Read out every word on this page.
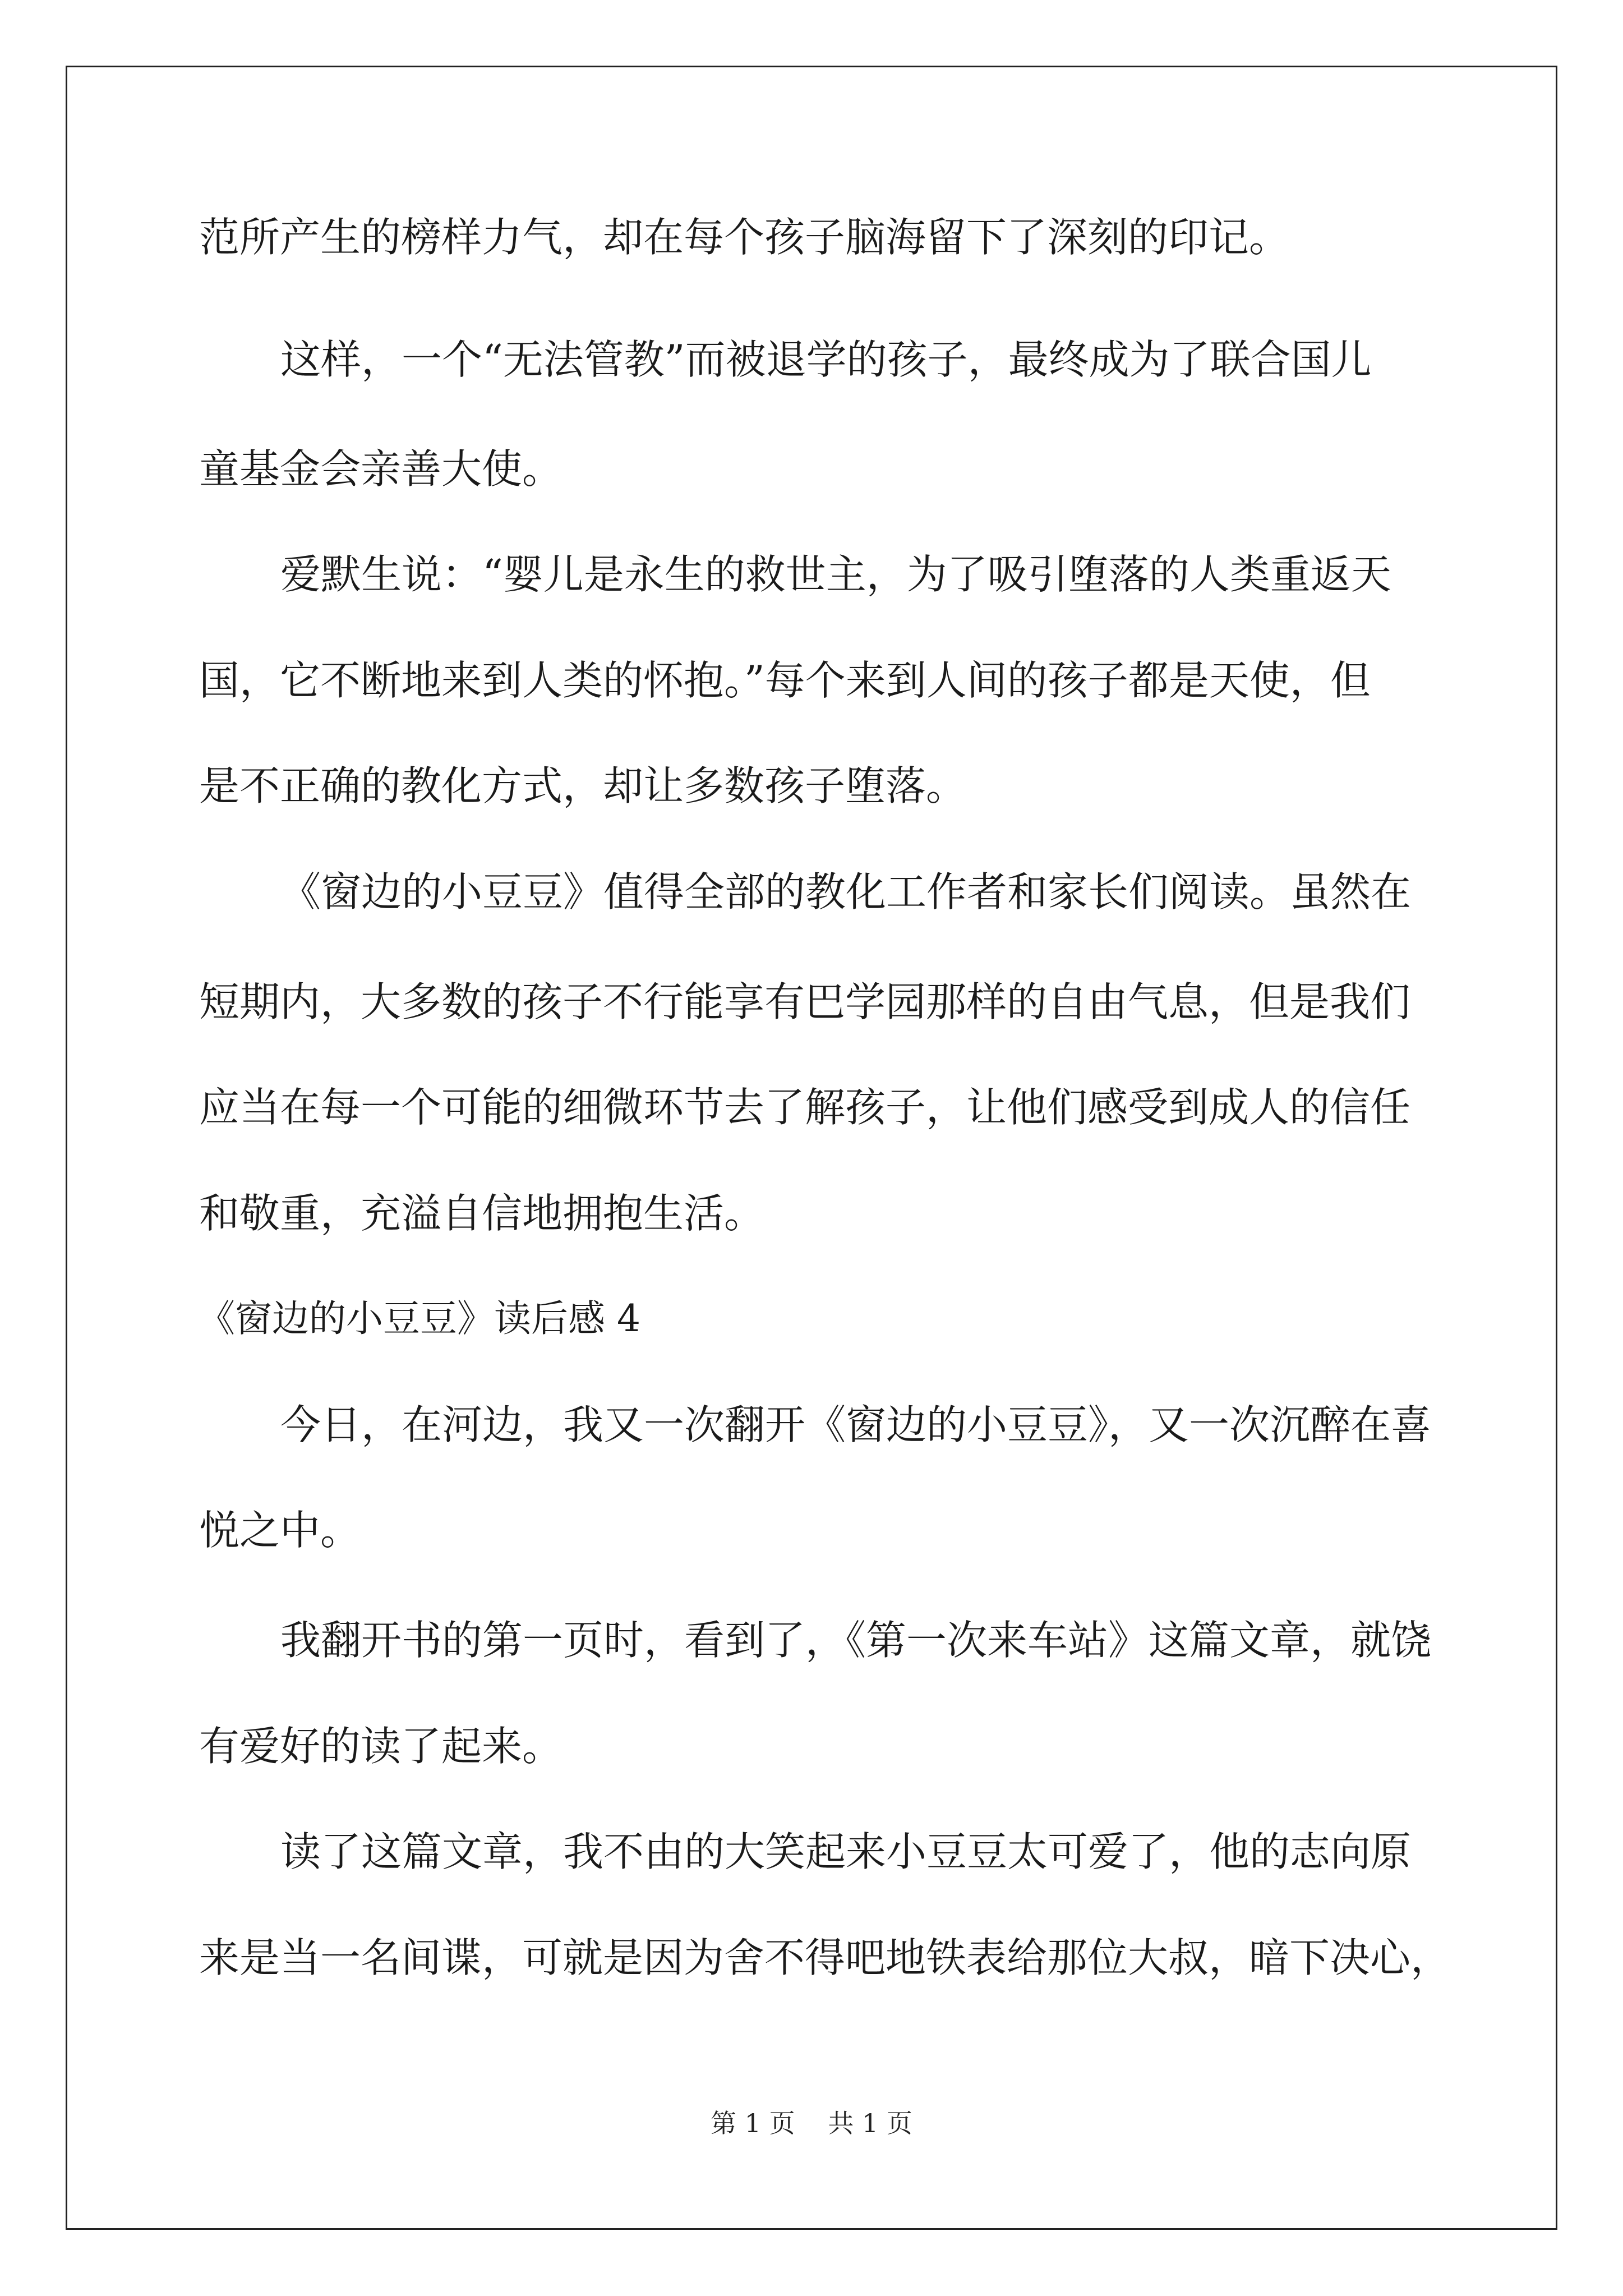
范所产生的榜样力气，却在每个孩子脑海留下了深刻的印记。
这样，一个“无法管教”而被退学的孩子，最终成为了联合国儿
童基金会亲善大使。
爱默生说：“婴儿是永生的救世主，为了吸引堕落的人类重返天
国，它不断地来到人类的怀抱。”每个来到人间的孩子都是天使，但
是不正确的教化方式，却让多数孩子堕落。
《窗边的小豆豆》值得全部的教化工作者和家长们阅读。虽然在
短期内，大多数的孩子不行能享有巴学园那样的自由气息，但是我们
应当在每一个可能的细微环节去了解孩子，让他们感受到成人的信任
和敬重，充溢自信地拥抱生活。
《窗边的小豆豆》读后感 4
今日，在河边，我又一次翻开《窗边的小豆豆》，又一次沉醉在喜
悦之中。
我翻开书的第一页时，看到了，《第一次来车站》这篇文章，就饶
有爱好的读了起来。
读了这篇文章，我不由的大笑起来小豆豆太可爱了，他的志向原
来是当一名间谍，可就是因为舍不得吧地铁表给那位大叔，暗下决心，
第 1 页 共 1 页
